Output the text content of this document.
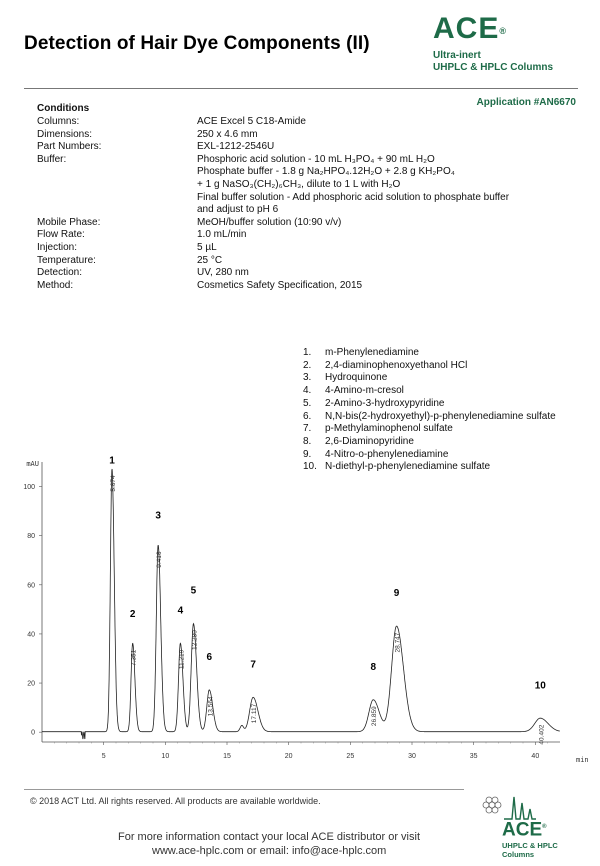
Detection of Hair Dye Components (II) ACE®
Ultra-inert
UHPLC & HPLC Columns
Application #AN6670
Conditions
Columns:	ACE Excel 5 C18-Amide
Dimensions:	250 x 4.6 mm
Part Numbers:	EXL-1212-2546U
Buffer:	Phosphoric acid solution - 10 mL H₃PO₄ + 90 mL H₂O
Phosphate buffer - 1.8 g Na₂HPO₄.12H₂O + 2.8 g KH₂PO₄
+ 1 g NaSO₃(CH₂)₆CH₃, dilute to 1 L with H₂O
Final buffer solution - Add phosphoric acid solution to phosphate buffer
and adjust to pH 6
Mobile Phase:	MeOH/buffer solution (10:90 v/v)
Flow Rate:	1.0 mL/min
Injection:	5 µL
Temperature:	25 °C
Detection:	UV, 280 nm
Method:	Cosmetics Safety Specification, 2015
1.	m-Phenylenediamine
2.	2,4-diaminophenoxyethanol HCl
3.	Hydroquinone
4.	4-Amino-m-cresol
5.	2-Amino-3-hydroxypyridine
6.	N,N-bis(2-hydroxyethyl)-p-phenylenediamine sulfate
7.	p-Methylaminophenol sulfate
8.	2,6-Diaminopyridine
9.	4-Nitro-o-phenylenediamine
10. N-diethyl-p-phenylenediamine sulfate
mAU
min
0
20
40
60
80
100
5	10	15	20	25	30	35	40
5.674
1
7.351
2
9.416
3
11.219
4
12.280
5
13.564
6
17.117
7
26.859
8
28.747
9
40.402
10
© 2018 ACT Ltd. All rights reserved. All products are available worldwide.
For more information contact your local ACE distributor or visit
www.ace-hplc.com or email: info@ace-hplc.com
ACE®
UHPLC & HPLC
Columns
